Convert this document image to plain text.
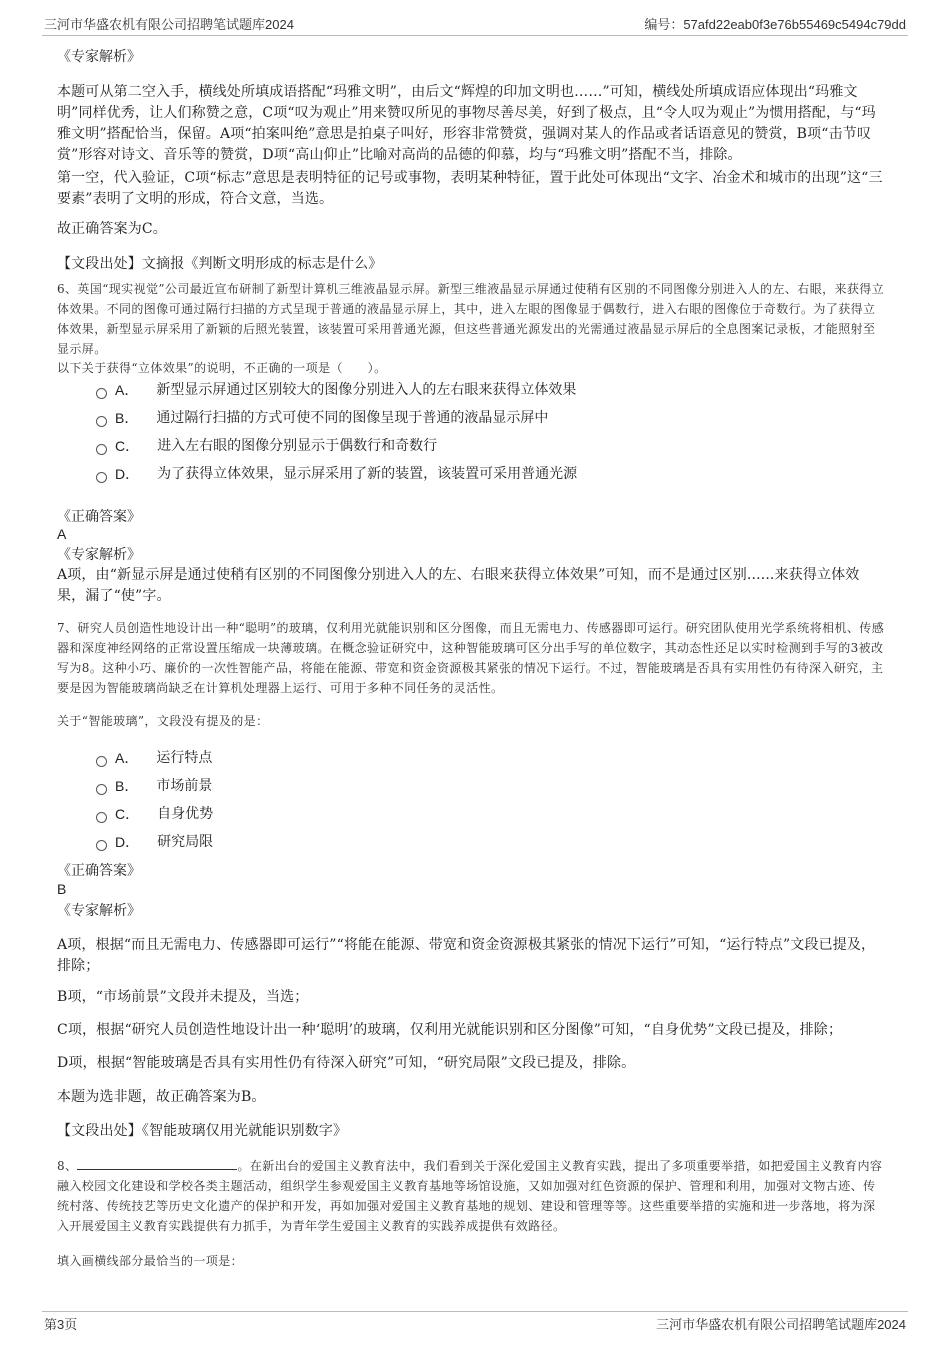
三河市华盛农机有限公司招聘笔试题库2024	编号：57afd22eab0f3e76b55469c5494c79dd
《专家解析》
本题可从第二空入手，横线处所填成语搭配“玛雅文明”，由后文“辉煌的印加文明也……”可知，横线处所填成语应体现出“玛雅文明”同样优秀，让人们称赞之意，C项“叹为观止”用来赞叹所见的事物尽善尽美，好到了极点，且“令人叹为观止”为惯用搭配，与“玛雅文明”搭配恰当，保留。A项“拍案叫绝”意思是拍桌子叫好，形容非常赞赏，强调对某人的作品或者话语意见的赞赏，B项“击节叹赏”形容对诗文、音乐等的赞赏，D项“高山仰止”比喻对高尚的品德的仰慕，均与“玛雅文明”搭配不当，排除。
第一空，代入验证，C项“标志”意思是表明特征的记号或事物，表明某种特征，置于此处可体现出“文字、冶金术和城市的出现”这“三要素”表明了文明的形成，符合文意，当选。
故正确答案为C。
【文段出处】文摘报《判断文明形成的标志是什么》
6、英国“现实视觉”公司最近宣布研制了新型计算机三维液晶显示屏。新型三维液晶显示屏通过使稍有区别的不同图像分别进入人的左、右眼，来获得立体效果。不同的图像可通过隔行扫描的方式呈现于普通的液晶显示屏上，其中，进入左眼的图像显于偶数行，进入右眼的图像位于奇数行。为了获得立体效果，新型显示屏采用了新颖的后照光装置，该装置可采用普通光源，但这些普通光源发出的光需通过液晶显示屏后的全息图案记录板，才能照射至显示屏。
以下关于获得“立体效果”的说明，不正确的一项是（　　）。
A． 新型显示屏通过区别较大的图像分别进入人的左右眼来获得立体效果
B． 通过隔行扫描的方式可使不同的图像呈现于普通的液晶显示屏中
C． 进入左右眼的图像分别显示于偶数行和奇数行
D． 为了获得立体效果，显示屏采用了新的装置，该装置可采用普通光源
《正确答案》
A
《专家解析》
A项，由“新显示屏是通过使稍有区别的不同图像分别进入人的左、右眼来获得立体效果”可知，而不是通过区别......来获得立体效果，漏了“使”字。
7、研究人员创造性地设计出一种“聪明”的玻璃，仅利用光就能识别和区分图像，而且无需电力、传感器即可运行。研究团队使用光学系统将相机、传感器和深度神经网络的正常设置压缩成一块薄玻璃。在概念验证研究中，这种智能玻璃可区分出手写的单位数字，其动态性还足以实时检测到手写的3被改写为8。这种小巧、廉价的一次性智能产品，将能在能源、带宽和资金资源极其紧张的情况下运行。不过，智能玻璃是否具有实用性仍有待深入研究，主要是因为智能玻璃尚缺乏在计算机处理器上运行、可用于多种不同任务的灵活性。
关于“智能玻璃”，文段没有提及的是：
A． 运行特点
B． 市场前景
C． 自身优势
D． 研究局限
《正确答案》
B
《专家解析》
A项，根据“而且无需电力、传感器即可运行”“将能在能源、带宽和资金资源极其紧张的情况下运行”可知，“运行特点”文段已提及，排除；
B项，“市场前景”文段并未提及，当选；
C项，根据“研究人员创造性地设计出一种‘聪明’的玻璃，仅利用光就能识别和区分图像”可知，“自身优势”文段已提及，排除；
D项，根据“智能玻璃是否具有实用性仍有待深入研究”可知，“研究局限”文段已提及，排除。
本题为选非题，故正确答案为B。
【文段出处】《智能玻璃仅用光就能识别数字》
8、	。在新出台的爱国主义教育法中，我们看到关于深化爱国主义教育实践，提出了多项重要举措，如把爱国主义教育内容融入校园文化建设和学校各类主题活动，组织学生参观爱国主义教育基地等场馆设施，又如加强对红色资源的保护、管理和利用，加强对文物古迹、传统村落、传统技艺等历史文化遗产的保护和开发，再如加强对爱国主义教育基地的规划、建设和管理等等。这些重要举措的实施和进一步落地，将为深入开展爱国主义教育实践提供有力抓手，为青年学生爱国主义教育的实践养成提供有效路径。
填入画横线部分最恰当的一项是：
第3页	三河市华盛农机有限公司招聘笔试题库2024
